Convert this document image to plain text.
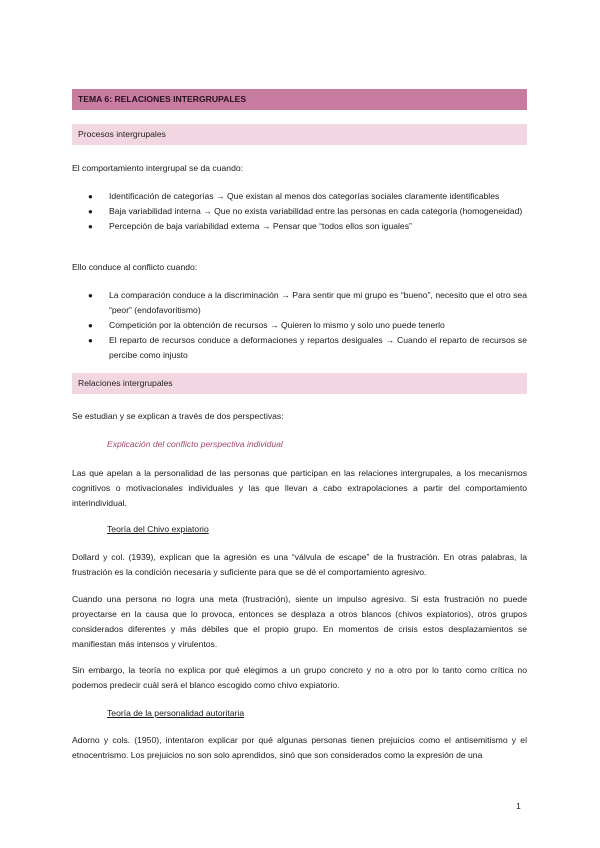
TEMA 6: RELACIONES INTERGRUPALES
Procesos intergrupales

El comportamiento intergrupal se da cuando:

● Identificación de categorías → Que existan al menos dos categorías sociales claramente identificables
● Baja variabilidad interna → Que no exista variabilidad entre las personas en cada categoría (homogeneidad)
● Percepción de baja variabilidad externa → Pensar que “todos ellos son iguales”

Ello conduce al conflicto cuando:

● La comparación conduce a la discriminación → Para sentir que mi grupo es “bueno”, necesito que el otro sea “peor” (endofavoritismo)
● Competición por la obtención de recursos → Quieren lo mismo y solo uno puede tenerlo
● El reparto de recursos conduce a deformaciones y repartos desiguales → Cuando el reparto de recursos se percibe como injusto
Relaciones intergrupales

Se estudian y se explican a través de dos perspectivas:

Explicación del conflicto perspectiva individual

Las que apelan a la personalidad de las personas que participan en las relaciones intergrupales, a los mecanismos cognitivos o motivacionales individuales y las que llevan a cabo extrapolaciones a partir del comportamiento interindividual.

Teoría del Chivo expiatorio

Dollard y col. (1939), explican que la agresión es una “válvula de escape” de la frustración. En otras palabras, la frustración es la condición necesaria y suficiente para que se dé el comportamiento agresivo.

Cuando una persona no logra una meta (frustración), siente un impulso agresivo. Si esta frustración no puede proyectarse en la causa que lo provoca, entonces se desplaza a otros blancos (chivos expiatorios), otros grupos considerados diferentes y más débiles que el propio grupo. En momentos de crisis estos desplazamientos se manifiestan más intensos y virulentos.

Sin embargo, la teoría no explica por qué elegimos a un grupo concreto y no a otro por lo tanto como crítica no podemos predecir cuál será el blanco escogido como chivo expiatorio.

Teoría de la personalidad autoritaria

Adorno y cols. (1950), intentaron explicar por qué algunas personas tienen prejuicios como el antisemitismo y el etnocentrismo. Los prejuicios no son solo aprendidos, sinó que son considerados como la expresión de una

1
